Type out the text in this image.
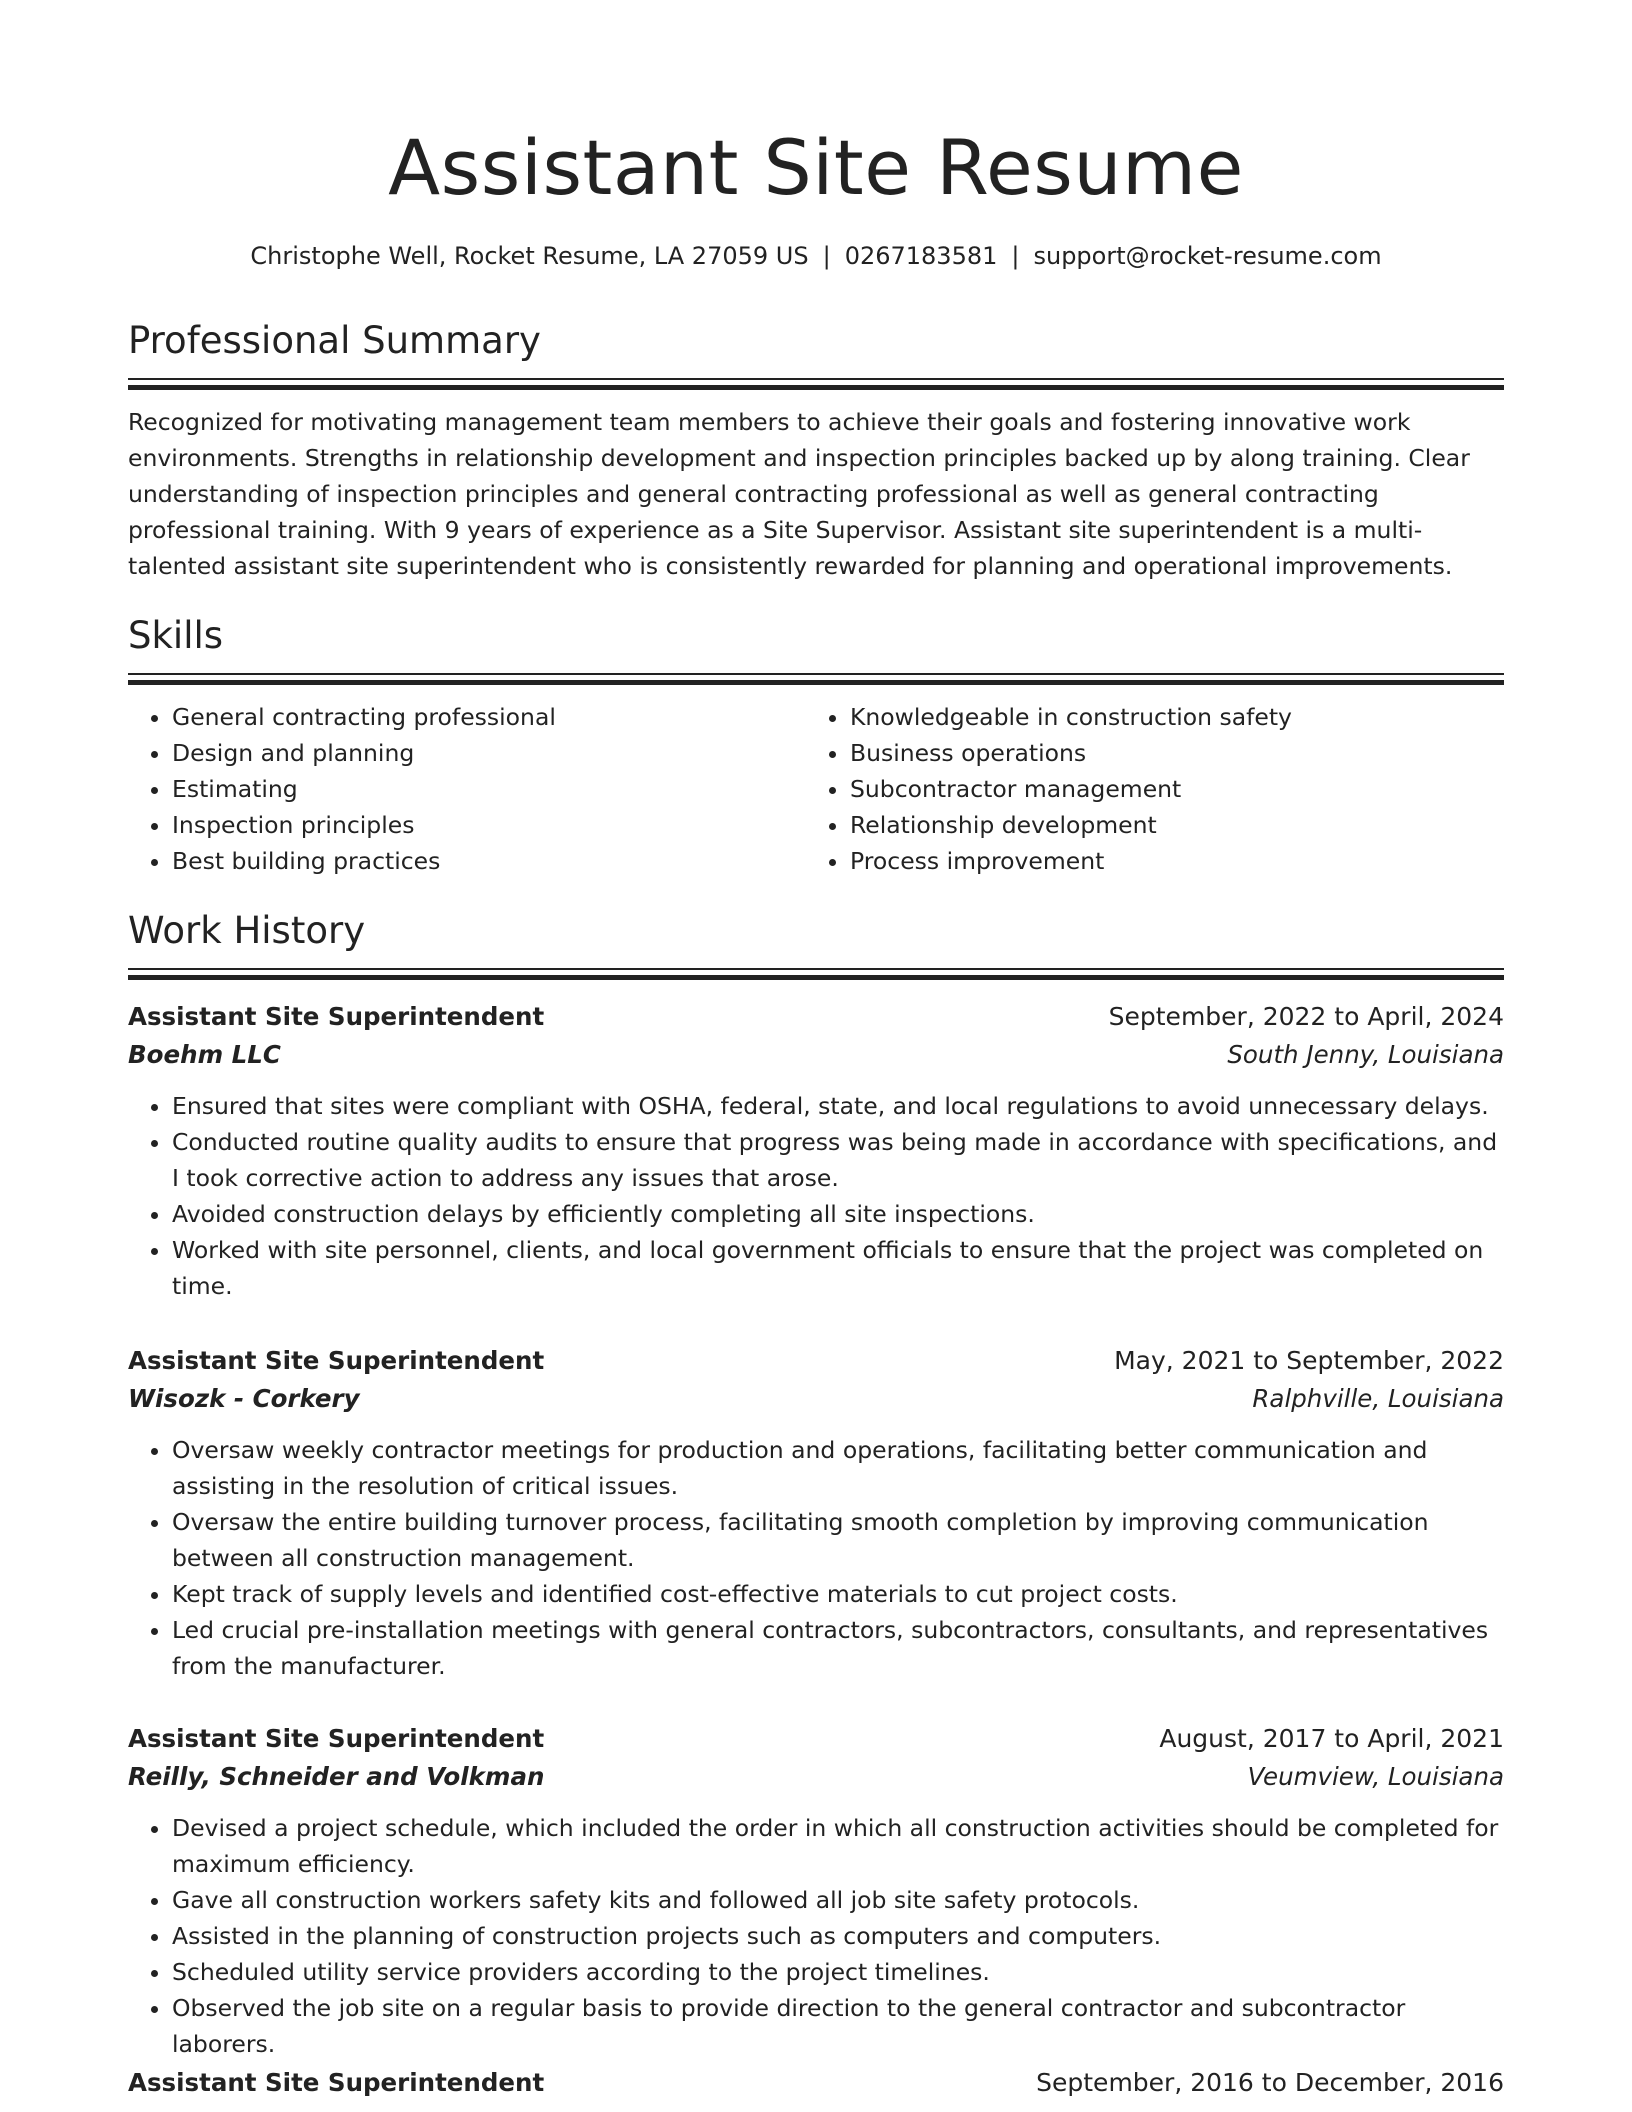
Assistant Site Resume
Christophe Well, Rocket Resume, LA 27059 US | 0267183581 | support@rocket-resume.com
Professional Summary

Recognized for motivating management team members to achieve their goals and fostering innovative work environments. Strengths in relationship development and inspection principles backed up by along training. Clear understanding of inspection principles and general contracting professional as well as general contracting professional training. With 9 years of experience as a Site Supervisor. Assistant site superintendent is a multi-talented assistant site superintendent who is consistently rewarded for planning and operational improvements.

Skills
• General contracting professional
• Design and planning
• Estimating
• Inspection principles
• Best building practices
• Knowledgeable in construction safety
• Business operations
• Subcontractor management
• Relationship development
• Process improvement
Work History
Assistant Site Superintendent	September, 2022 to April, 2024
Boehm LLC	South Jenny, Louisiana
• Ensured that sites were compliant with OSHA, federal, state, and local regulations to avoid unnecessary delays.
• Conducted routine quality audits to ensure that progress was being made in accordance with specifications, and I took corrective action to address any issues that arose.
• Avoided construction delays by efficiently completing all site inspections.
• Worked with site personnel, clients, and local government officials to ensure that the project was completed on time.
Assistant Site Superintendent	May, 2021 to September, 2022
Wisozk - Corkery	Ralphville, Louisiana
• Oversaw weekly contractor meetings for production and operations, facilitating better communication and assisting in the resolution of critical issues.
• Oversaw the entire building turnover process, facilitating smooth completion by improving communication between all construction management.
• Kept track of supply levels and identified cost-effective materials to cut project costs.
• Led crucial pre-installation meetings with general contractors, subcontractors, consultants, and representatives from the manufacturer.
Assistant Site Superintendent	August, 2017 to April, 2021
Reilly, Schneider and Volkman	Veumview, Louisiana
• Devised a project schedule, which included the order in which all construction activities should be completed for maximum efficiency.
• Gave all construction workers safety kits and followed all job site safety protocols.
• Assisted in the planning of construction projects such as computers and computers.
• Scheduled utility service providers according to the project timelines.
• Observed the job site on a regular basis to provide direction to the general contractor and subcontractor laborers.
Assistant Site Superintendent	September, 2016 to December, 2016
